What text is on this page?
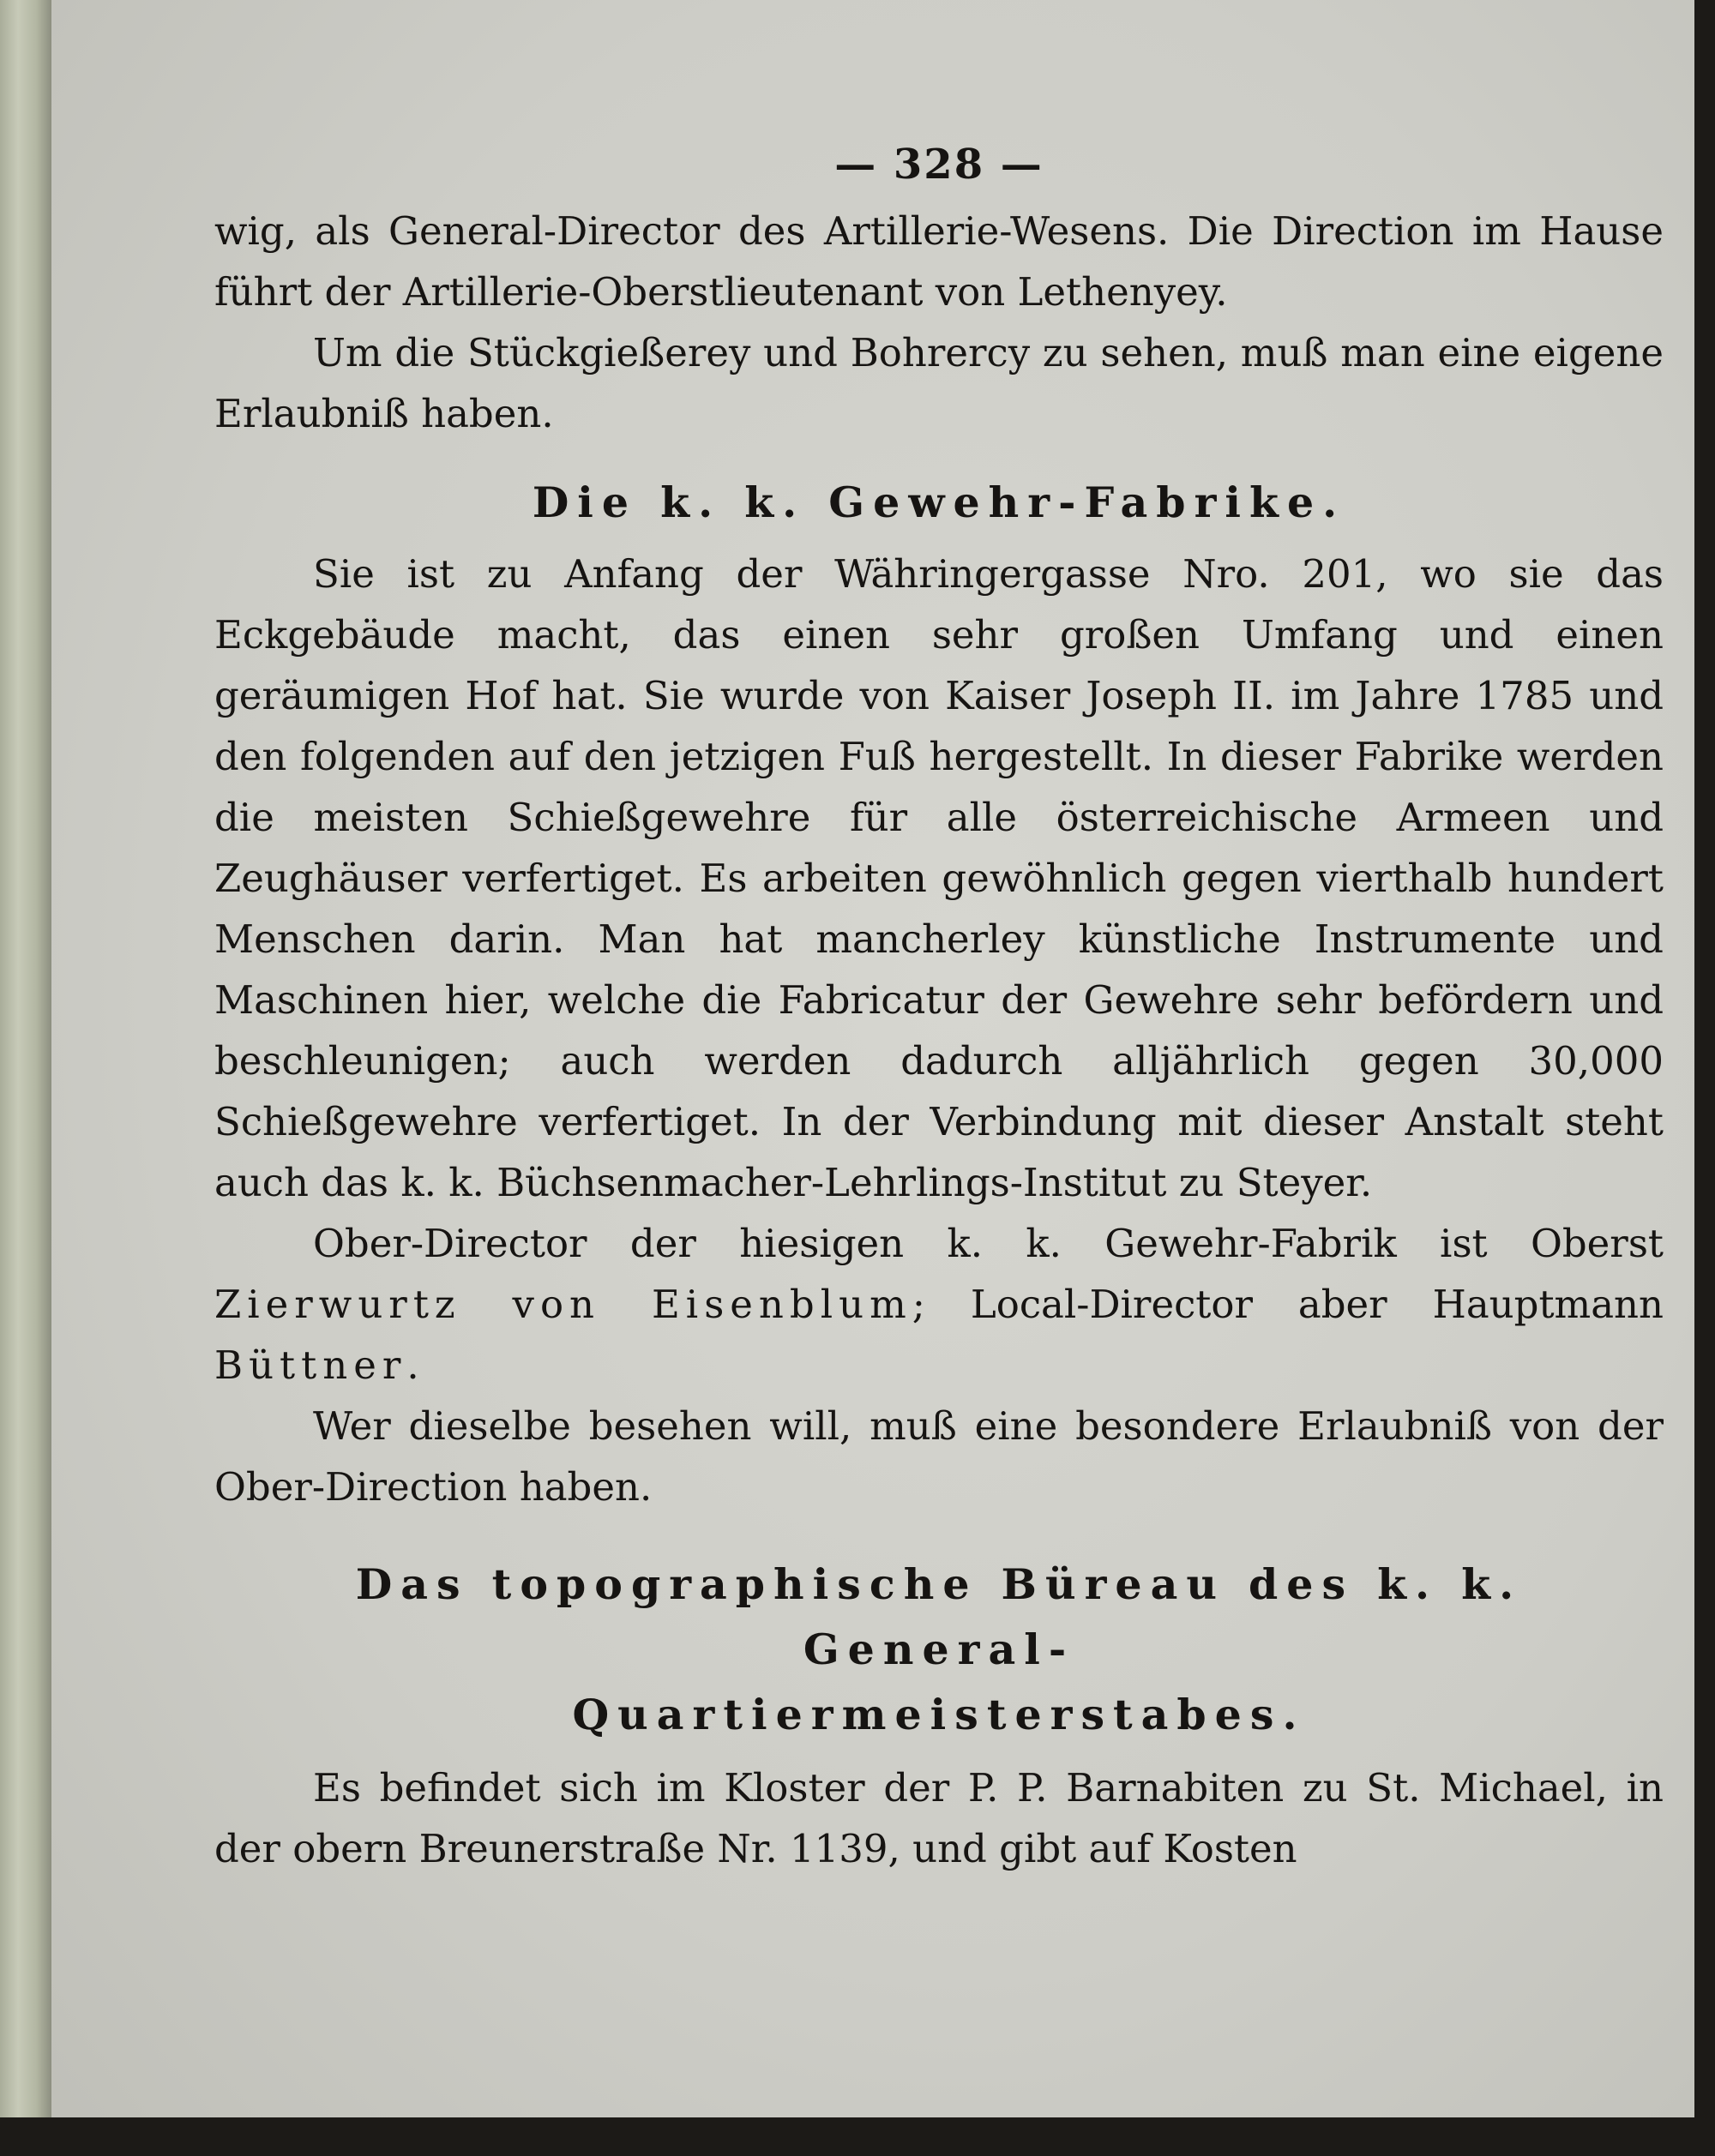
— 328 —

wig, als General-Director des Artillerie-Wesens. Die Direction im Hause führt der Artillerie-Oberstlieutenant von Lethenyey.

Um die Stückgießerey und Bohrercy zu sehen, muß man eine eigene Erlaubniß haben.

Die k. k. Gewehr-Fabrike.

Sie ist zu Anfang der Währingergasse Nro. 201, wo sie das Eckgebäude macht, das einen sehr großen Umfang und einen geräumigen Hof hat. Sie wurde von Kaiser Joseph II. im Jahre 1785 und den folgenden auf den jetzigen Fuß hergestellt. In dieser Fabrike werden die meisten Schießgewehre für alle österreichische Armeen und Zeughäuser verfertiget. Es arbeiten gewöhnlich gegen vierthalb hundert Menschen darin. Man hat mancherley künstliche Instrumente und Maschinen hier, welche die Fabricatur der Gewehre sehr befördern und beschleunigen; auch werden dadurch alljährlich gegen 30,000 Schießgewehre verfertiget. In der Verbindung mit dieser Anstalt steht auch das k. k. Büchsenmacher-Lehrlings-Institut zu Steyer.

Ober-Director der hiesigen k. k. Gewehr-Fabrik ist Oberst Zierwurtz von Eisenblum; Local-Director aber Hauptmann Büttner.

Wer dieselbe besehen will, muß eine besondere Erlaubniß von der Ober-Direction haben.

Das topographische Büreau des k. k. General-
Quartiermeisterstabes.

Es befindet sich im Kloster der P. P. Barnabiten zu St. Michael, in der obern Breunerstraße Nr. 1139, und gibt auf Kosten
